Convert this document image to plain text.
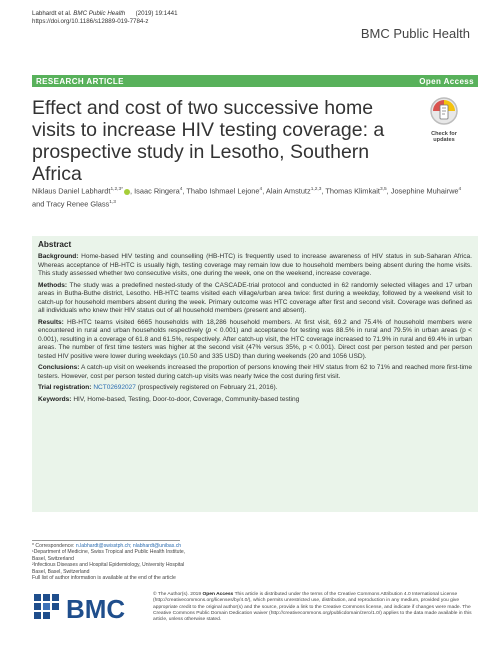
Labhardt et al. BMC Public Health (2019) 19:1441
https://doi.org/10.1186/s12889-019-7784-z
BMC Public Health
RESEARCH ARTICLE	Open Access
Effect and cost of two successive home visits to increase HIV testing coverage: a prospective study in Lesotho, Southern Africa
Check for
updates
Niklaus Daniel Labhardt$^{1,2,3*}$ , Isaac Ringera$^4$, Thabo Ishmael Lejone$^4$, Alain Amstutz$^{1,2,3}$, Thomas Klimkait$^{3,5}$, Josephine Muhairwe$^4$ and Tracy Renee Glass$^{1,3}$
Abstract

Background: Home-based HIV testing and counselling (HB-HTC) is frequently used to increase awareness of HIV status in sub-Saharan Africa. Whereas acceptance of HB-HTC is usually high, testing coverage may remain low due to household members being absent during the home visits. This study assessed whether two consecutive visits, one during the week, one on the weekend, increase coverage.

Methods: The study was a predefined nested-study of the CASCADE-trial protocol and conducted in 62 randomly selected villages and 17 urban areas in Butha-Buthe district, Lesotho. HB-HTC teams visited each village/urban area twice: first during a weekday, followed by a weekend visit to catch-up for household members absent during the week. Primary outcome was HTC coverage after first and second visit. Coverage was defined as all individuals who knew their HIV status out of all household members (present and absent).

Results: HB-HTC teams visited 6665 households with 18,286 household members. At first visit, 69.2 and 75.4% of household members were encountered in rural and urban households respectively (p < 0.001) and acceptance for testing was 88.5% in rural and 79.5% in urban areas (p < 0.001), resulting in a coverage of 61.8 and 61.5%, respectively. After catch-up visit, the HTC coverage increased to 71.9% in rural and 69.4% in urban areas. The number of first time testers was higher at the second visit (47% versus 35%, p < 0.001). Direct cost per person tested and per person tested HIV positive were lower during weekdays (10.50 and 335 USD) than during weekends (20 and 1056 USD).

Conclusions: A catch-up visit on weekends increased the proportion of persons knowing their HIV status from 62 to 71% and reached more first-time testers. However, cost per person tested during catch-up visits was nearly twice the cost during first visit.

Trial registration: NCT02692027 (prospectively registered on February 21, 2016).

Keywords: HIV, Home-based, Testing, Door-to-door, Coverage, Community-based testing

* Correspondence: n.labhardt@swisstph.ch; nlabhardt@unibas.ch
¹Department of Medicine, Swiss Tropical and Public Health Institute, Basel, Switzerland
²Infectious Diseases and Hospital Epidemiology, University Hospital Basel, Basel, Switzerland
Full list of author information is available at the end of the article
BMC	© The Author(s). 2019 Open Access This article is distributed under the terms of the Creative Commons Attribution 4.0 International License (http://creativecommons.org/licenses/by/4.0/), which permits unrestricted use, distribution, and reproduction in any medium, provided you give appropriate credit to the original author(s) and the source, provide a link to the Creative Commons license, and indicate if changes were made. The Creative Commons Public Domain Dedication waiver (http://creativecommons.org/publicdomain/zero/1.0/) applies to the data made available in this article, unless otherwise stated.
